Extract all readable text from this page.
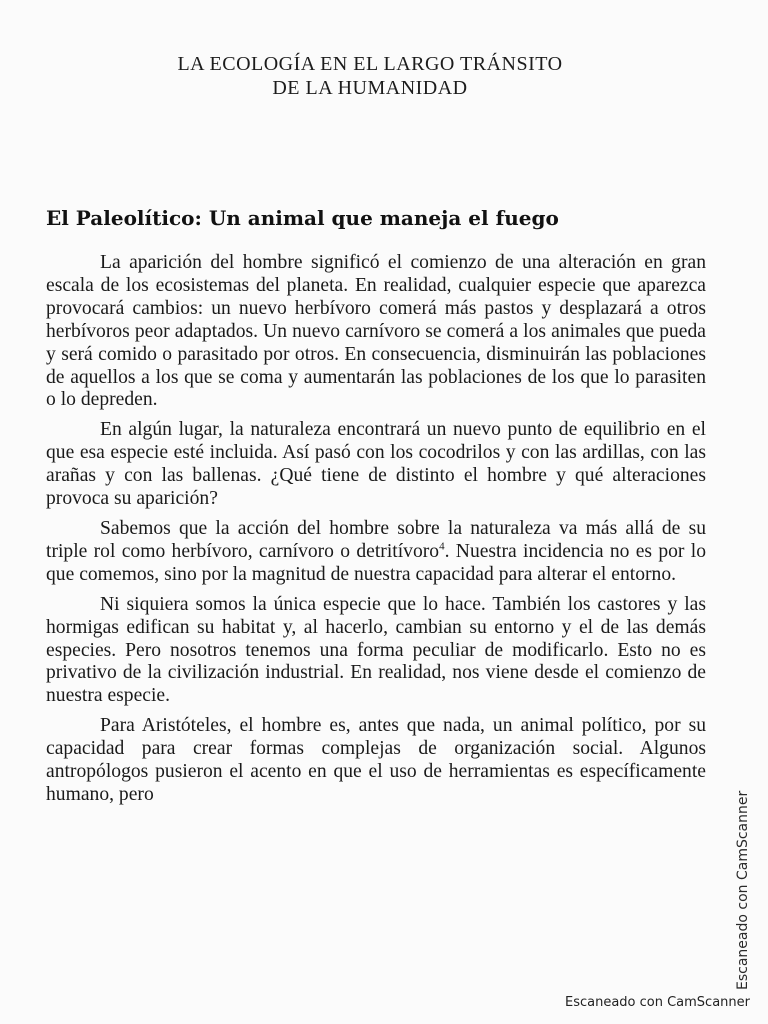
LA ECOLOGÍA EN EL LARGO TRÁNSITO
DE LA HUMANIDAD
El Paleolítico: Un animal que maneja el fuego

La aparición del hombre significó el comienzo de una alteración en gran escala de los ecosistemas del planeta. En realidad, cualquier especie que aparezca provocará cambios: un nuevo herbívoro comerá más pastos y desplazará a otros herbívoros peor adaptados. Un nuevo carnívoro se comerá a los animales que pueda y será comido o parasitado por otros. En consecuencia, disminuirán las poblaciones de aquellos a los que se coma y aumentarán las poblaciones de los que lo parasiten o lo depreden.

En algún lugar, la naturaleza encontrará un nuevo punto de equilibrio en el que esa especie esté incluida. Así pasó con los cocodrilos y con las ardillas, con las arañas y con las ballenas. ¿Qué tiene de distinto el hombre y qué alteraciones provoca su aparición?

Sabemos que la acción del hombre sobre la naturaleza va más allá de su triple rol como herbívoro, carnívoro o detritívoro$^4$. Nuestra incidencia no es por lo que comemos, sino por la magnitud de nuestra capacidad para alterar el entorno.

Ni siquiera somos la única especie que lo hace. También los castores y las hormigas edifican su habitat y, al hacerlo, cambian su entorno y el de las demás especies. Pero nosotros tenemos una forma peculiar de modificarlo. Esto no es privativo de la civilización industrial. En realidad, nos viene desde el comienzo de nuestra especie.

Para Aristóteles, el hombre es, antes que nada, un animal político, por su capacidad para crear formas complejas de organización social. Algunos antropólogos pusieron el acento en que el uso de herramientas es específicamente humano, pero	Escaneado con CamScanner
Escaneado con CamScanner
